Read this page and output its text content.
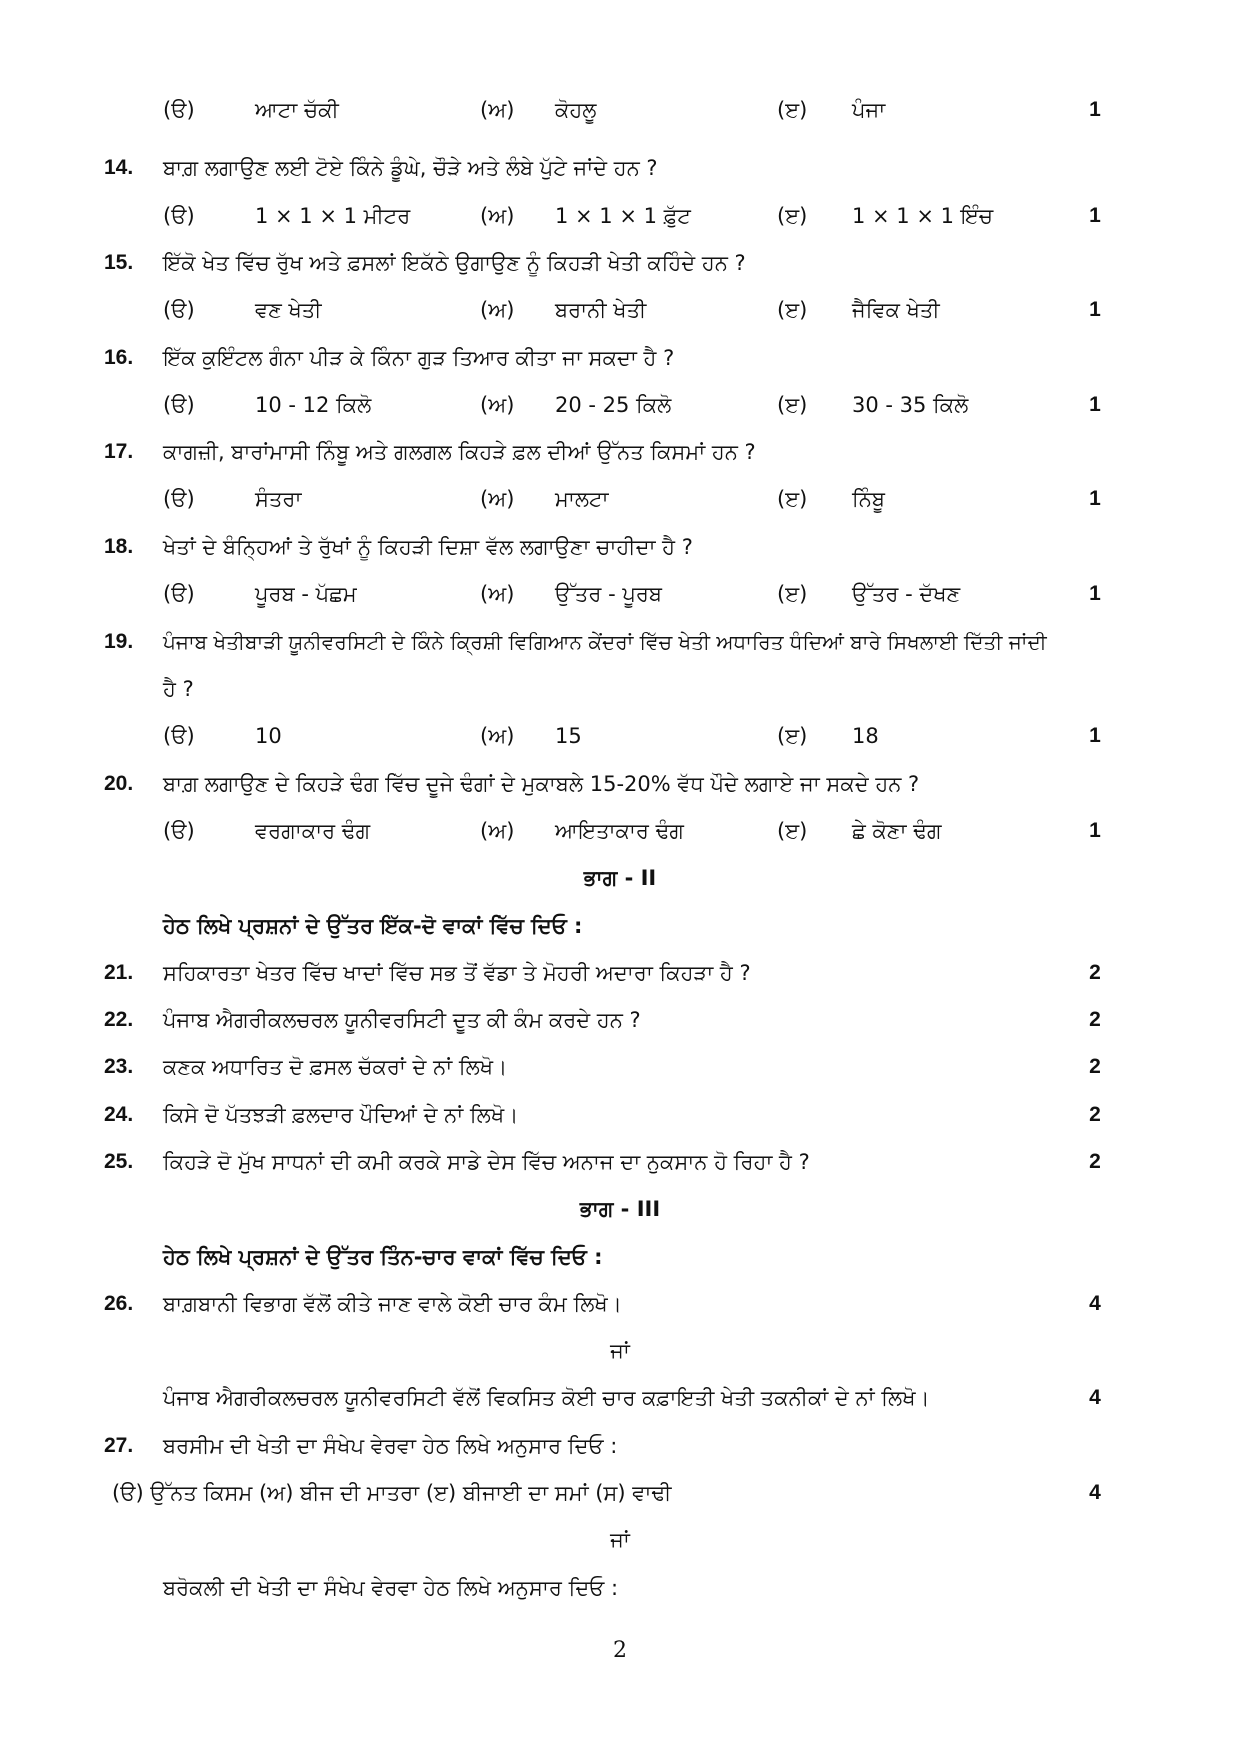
(ੳ)	ਆਟਾ ਚੱਕੀ	(ਅ) ਕੋਹਲੂ	(ੲ) ਪੰਜਾ	1
14. ਬਾਗ਼ ਲਗਾਉਣ ਲਈ ਟੋਏ ਕਿੰਨੇ ਡੂੰਘੇ, ਚੌੜੇ ਅਤੇ ਲੰਬੇ ਪੁੱਟੇ ਜਾਂਦੇ ਹਨ ?
(ੳ)	1 × 1 × 1 ਮੀਟਰ	(ਅ) 1 × 1 × 1 ਫ਼ੁੱਟ	(ੲ) 1 × 1 × 1 ਇੰਚ	1
15. ਇੱਕੋ ਖੇਤ ਵਿੱਚ ਰੁੱਖ ਅਤੇ ਫ਼ਸਲਾਂ ਇਕੱਠੇ ਉਗਾਉਣ ਨੂੰ ਕਿਹੜੀ ਖੇਤੀ ਕਹਿੰਦੇ ਹਨ ?
(ੳ)	ਵਣ ਖੇਤੀ	(ਅ) ਬਰਾਨੀ ਖੇਤੀ	(ੲ) ਜੈਵਿਕ ਖੇਤੀ	1
16. ਇੱਕ ਕੁਇੰਟਲ ਗੰਨਾ ਪੀੜ ਕੇ ਕਿੰਨਾ ਗੁੜ ਤਿਆਰ ਕੀਤਾ ਜਾ ਸਕਦਾ ਹੈ ?
(ੳ)	10 - 12 ਕਿਲੋ	(ਅ) 20 - 25 ਕਿਲੋ	(ੲ) 30 - 35 ਕਿਲੋ	1
17. ਕਾਗਜ਼ੀ, ਬਾਰਾਂਮਾਸੀ ਨਿੰਬੂ ਅਤੇ ਗਲਗਲ ਕਿਹੜੇ ਫ਼ਲ ਦੀਆਂ ਉੱਨਤ ਕਿਸਮਾਂ ਹਨ ?
(ੳ)	ਸੰਤਰਾ	(ਅ) ਮਾਲਟਾ	(ੲ) ਨਿੰਬੂ	1
18. ਖੇਤਾਂ ਦੇ ਬੰਨ੍ਹਿਆਂ ਤੇ ਰੁੱਖਾਂ ਨੂੰ ਕਿਹੜੀ ਦਿਸ਼ਾ ਵੱਲ ਲਗਾਉਣਾ ਚਾਹੀਦਾ ਹੈ ?
(ੳ)	ਪੂਰਬ - ਪੱਛਮ	(ਅ) ਉੱਤਰ - ਪੂਰਬ	(ੲ) ਉੱਤਰ - ਦੱਖਣ	1
19. ਪੰਜਾਬ ਖੇਤੀਬਾੜੀ ਯੂਨੀਵਰਸਿਟੀ ਦੇ ਕਿੰਨੇ ਕ੍ਰਿਸ਼ੀ ਵਿਗਿਆਨ ਕੇਂਦਰਾਂ ਵਿੱਚ ਖੇਤੀ ਅਧਾਰਿਤ ਧੰਦਿਆਂ ਬਾਰੇ ਸਿਖਲਾਈ ਦਿੱਤੀ ਜਾਂਦੀ
ਹੈ ?
(ੳ)	10	(ਅ) 15	(ੲ) 18	1
20. ਬਾਗ਼ ਲਗਾਉਣ ਦੇ ਕਿਹੜੇ ਢੰਗ ਵਿੱਚ ਦੂਜੇ ਢੰਗਾਂ ਦੇ ਮੁਕਾਬਲੇ 15-20% ਵੱਧ ਪੌਦੇ ਲਗਾਏ ਜਾ ਸਕਦੇ ਹਨ ?
(ੳ)	ਵਰਗਾਕਾਰ ਢੰਗ	(ਅ) ਆਇਤਾਕਾਰ ਢੰਗ	(ੲ) ਛੇ ਕੋਣਾ ਢੰਗ	1
ਭਾਗ - II
ਹੇਠ ਲਿਖੇ ਪ੍ਰਸ਼ਨਾਂ ਦੇ ਉੱਤਰ ਇੱਕ-ਦੋ ਵਾਕਾਂ ਵਿੱਚ ਦਿਓ :
21. ਸਹਿਕਾਰਤਾ ਖੇਤਰ ਵਿੱਚ ਖਾਦਾਂ ਵਿੱਚ ਸਭ ਤੋਂ ਵੱਡਾ ਤੇ ਮੋਹਰੀ ਅਦਾਰਾ ਕਿਹੜਾ ਹੈ ?	2
22. ਪੰਜਾਬ ਐਗਰੀਕਲਚਰਲ ਯੂਨੀਵਰਸਿਟੀ ਦੂਤ ਕੀ ਕੰਮ ਕਰਦੇ ਹਨ ?	2
23. ਕਣਕ ਅਧਾਰਿਤ ਦੋ ਫ਼ਸਲ ਚੱਕਰਾਂ ਦੇ ਨਾਂ ਲਿਖੋ।	2
24. ਕਿਸੇ ਦੋ ਪੱਤਝੜੀ ਫ਼ਲਦਾਰ ਪੌਦਿਆਂ ਦੇ ਨਾਂ ਲਿਖੋ।	2
25. ਕਿਹੜੇ ਦੋ ਮੁੱਖ ਸਾਧਨਾਂ ਦੀ ਕਮੀ ਕਰਕੇ ਸਾਡੇ ਦੇਸ ਵਿੱਚ ਅਨਾਜ ਦਾ ਨੁਕਸਾਨ ਹੋ ਰਿਹਾ ਹੈ ?	2
ਭਾਗ - III
ਹੇਠ ਲਿਖੇ ਪ੍ਰਸ਼ਨਾਂ ਦੇ ਉੱਤਰ ਤਿੰਨ-ਚਾਰ ਵਾਕਾਂ ਵਿੱਚ ਦਿਓ :
26. ਬਾਗ਼ਬਾਨੀ ਵਿਭਾਗ ਵੱਲੋਂ ਕੀਤੇ ਜਾਣ ਵਾਲੇ ਕੋਈ ਚਾਰ ਕੰਮ ਲਿਖੋ।	4
ਜਾਂ
ਪੰਜਾਬ ਐਗਰੀਕਲਚਰਲ ਯੂਨੀਵਰਸਿਟੀ ਵੱਲੋਂ ਵਿਕਸਿਤ ਕੋਈ ਚਾਰ ਕਫ਼ਾਇਤੀ ਖੇਤੀ ਤਕਨੀਕਾਂ ਦੇ ਨਾਂ ਲਿਖੋ।	4
27. ਬਰਸੀਮ ਦੀ ਖੇਤੀ ਦਾ ਸੰਖੇਪ ਵੇਰਵਾ ਹੇਠ ਲਿਖੇ ਅਨੁਸਾਰ ਦਿਓ :
(ੳ) ਉੱਨਤ ਕਿਸਮ (ਅ) ਬੀਜ ਦੀ ਮਾਤਰਾ (ੲ) ਬੀਜਾਈ ਦਾ ਸਮਾਂ (ਸ) ਵਾਢੀ	4
ਜਾਂ
ਬਰੋਕਲੀ ਦੀ ਖੇਤੀ ਦਾ ਸੰਖੇਪ ਵੇਰਵਾ ਹੇਠ ਲਿਖੇ ਅਨੁਸਾਰ ਦਿਓ :
2
